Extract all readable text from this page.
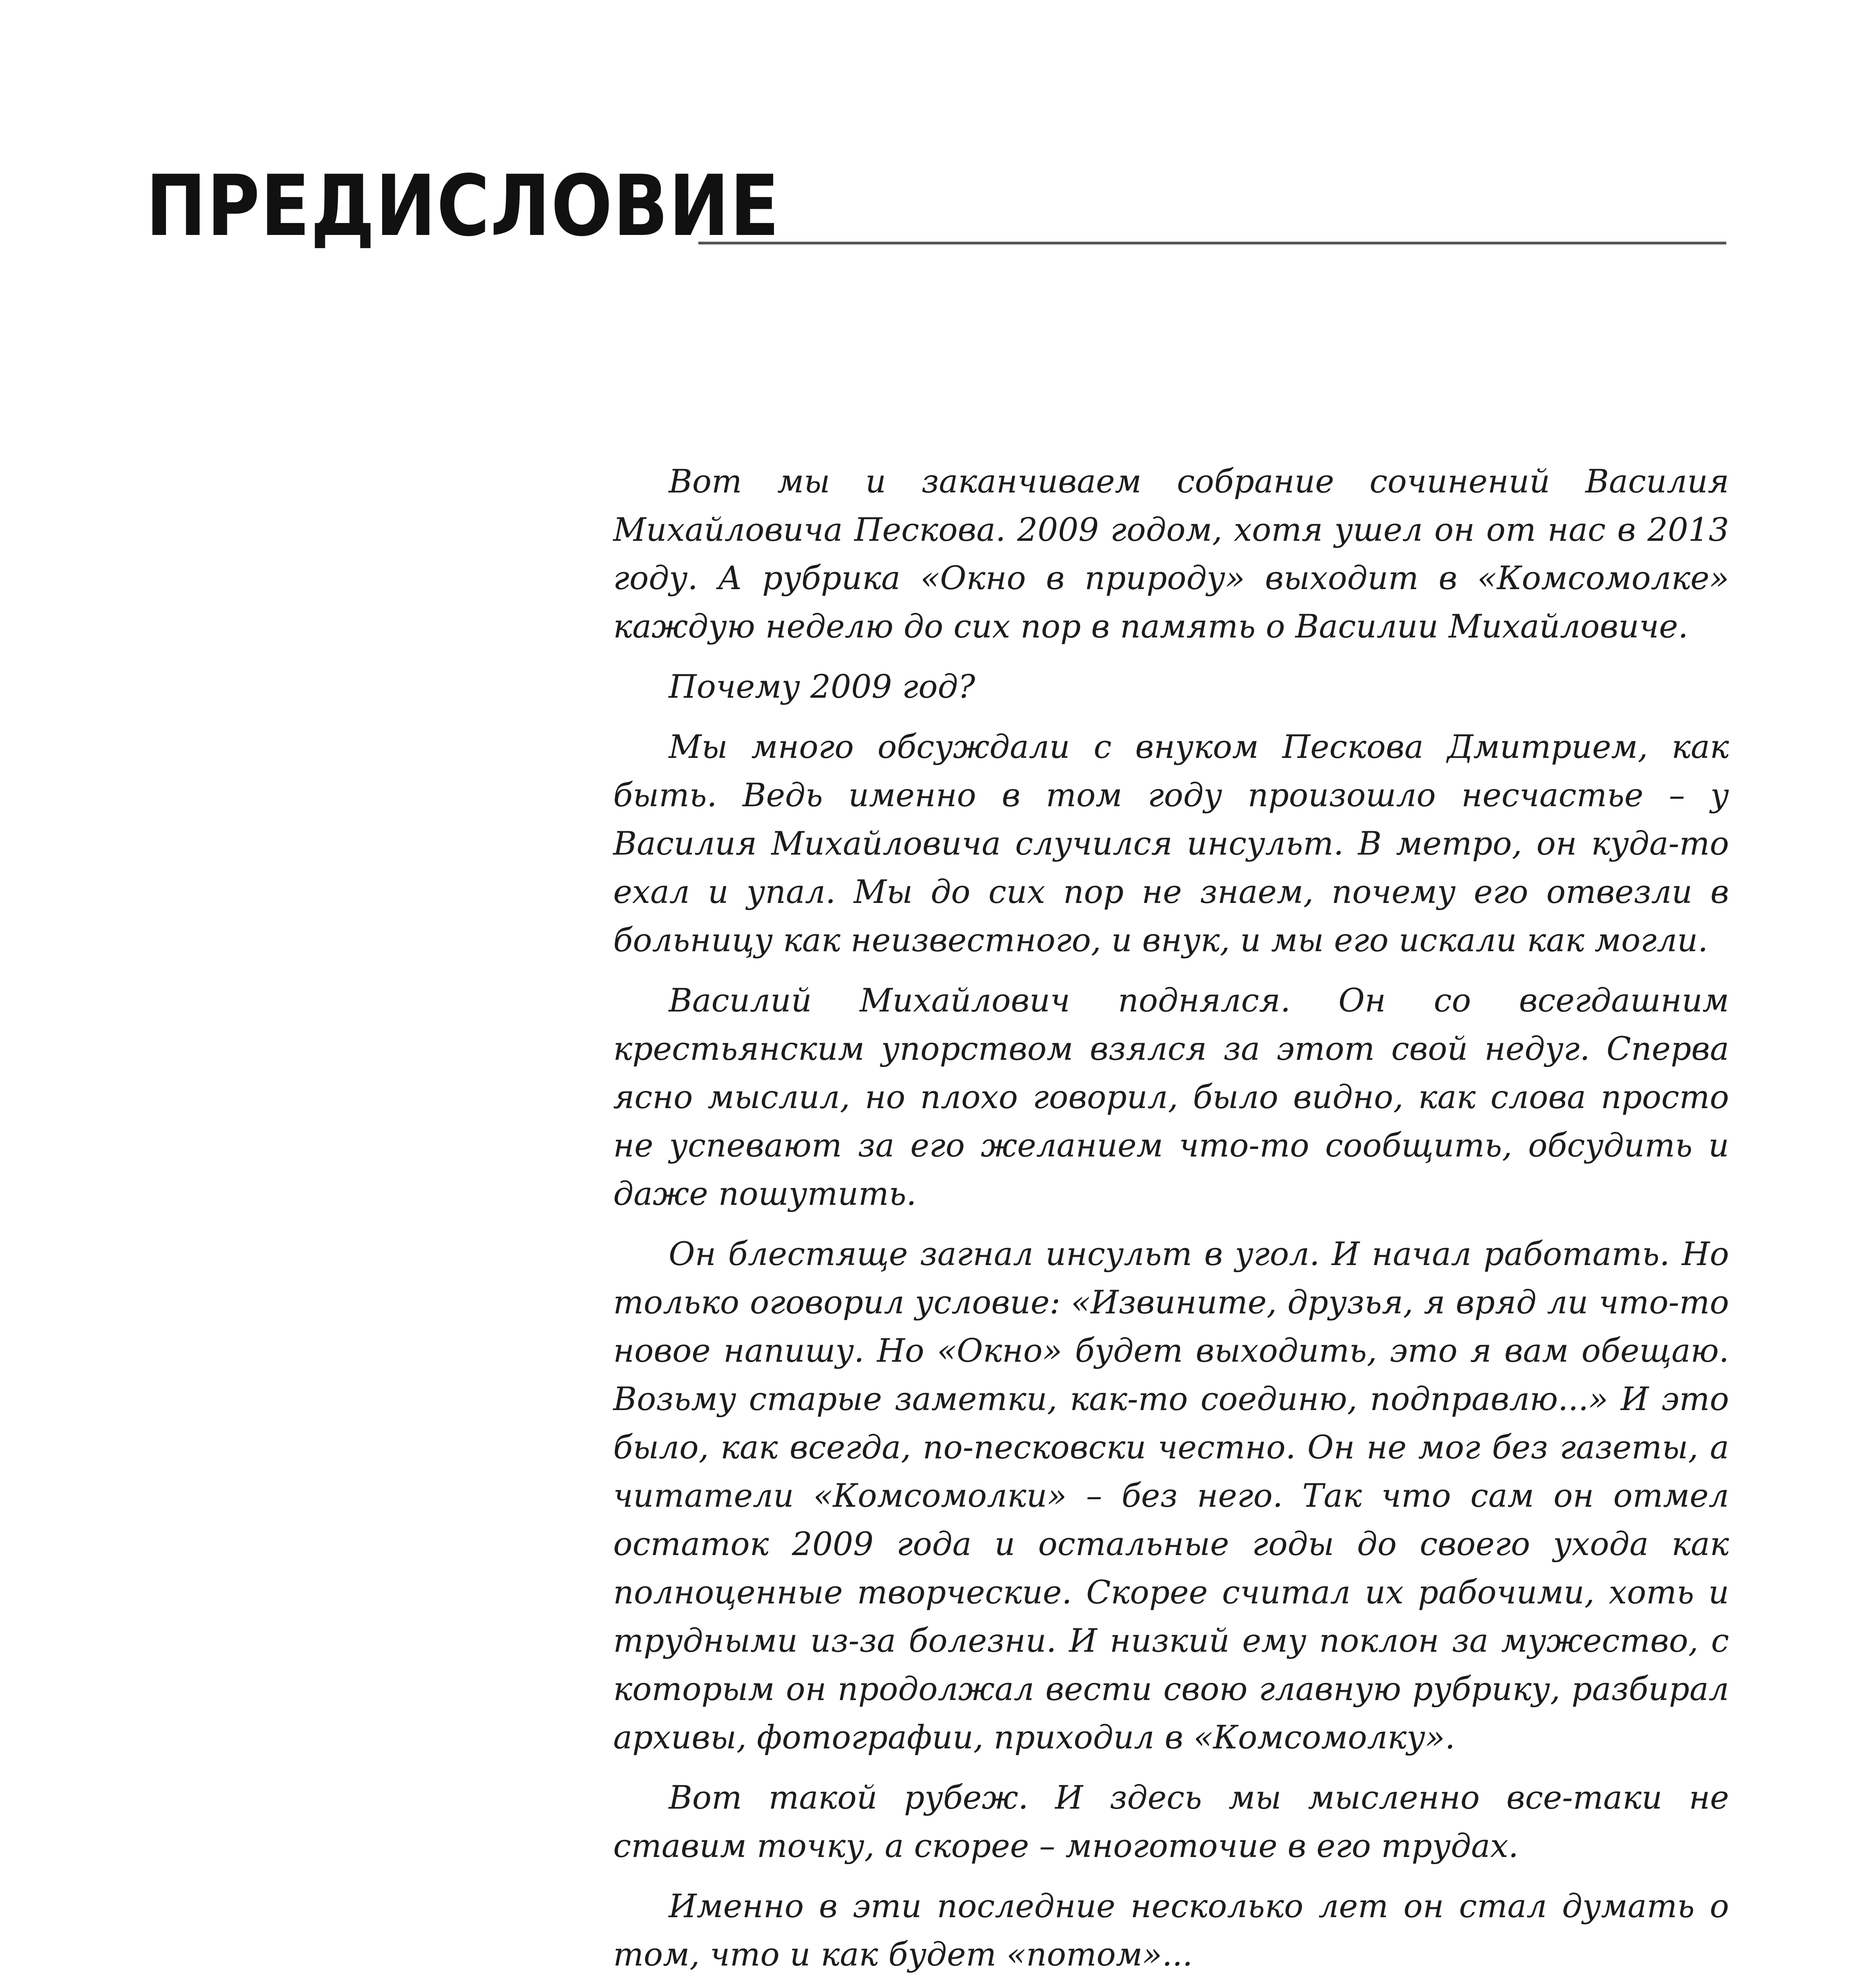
ПРЕДИСЛОВИЕ

Вот мы и заканчиваем собрание сочинений Василия Михайловича Пескова. 2009 годом, хотя ушел он от нас в 2013 году. А рубрика «Окно в природу» выходит в «Комсомолке» каждую неделю до сих пор в память о Василии Михайловиче.

Почему 2009 год?

Мы много обсуждали с внуком Пескова Дмитрием, как быть. Ведь именно в том году произошло несчастье – у Василия Михайловича случился инсульт. В метро, он куда-то ехал и упал. Мы до сих пор не знаем, почему его отвезли в больницу как неизвестного, и внук, и мы его искали как могли.

Василий Михайлович поднялся. Он со всегдашним крестьянским упорством взялся за этот свой недуг. Сперва ясно мыслил, но плохо говорил, было видно, как слова просто не успевают за его желанием что-то сообщить, обсудить и даже пошутить.

Он блестяще загнал инсульт в угол. И начал работать. Но только оговорил условие: «Извините, друзья, я вряд ли что-то новое напишу. Но «Окно» будет выходить, это я вам обещаю. Возьму старые заметки, как-то соединю, подправлю...» И это было, как всегда, по-песковски честно. Он не мог без газеты, а читатели «Комсомолки» – без него. Так что сам он отмел остаток 2009 года и остальные годы до своего ухода как полноценные творческие. Скорее считал их рабочими, хоть и трудными из-за болезни. И низкий ему поклон за мужество, с которым он продолжал вести свою главную рубрику, разбирал архивы, фотографии, приходил в «Комсомолку».

Вот такой рубеж. И здесь мы мысленно все-таки не ставим точку, а скорее – многоточие в его трудах.

Именно в эти последние несколько лет он стал думать о том, что и как будет «потом»...
